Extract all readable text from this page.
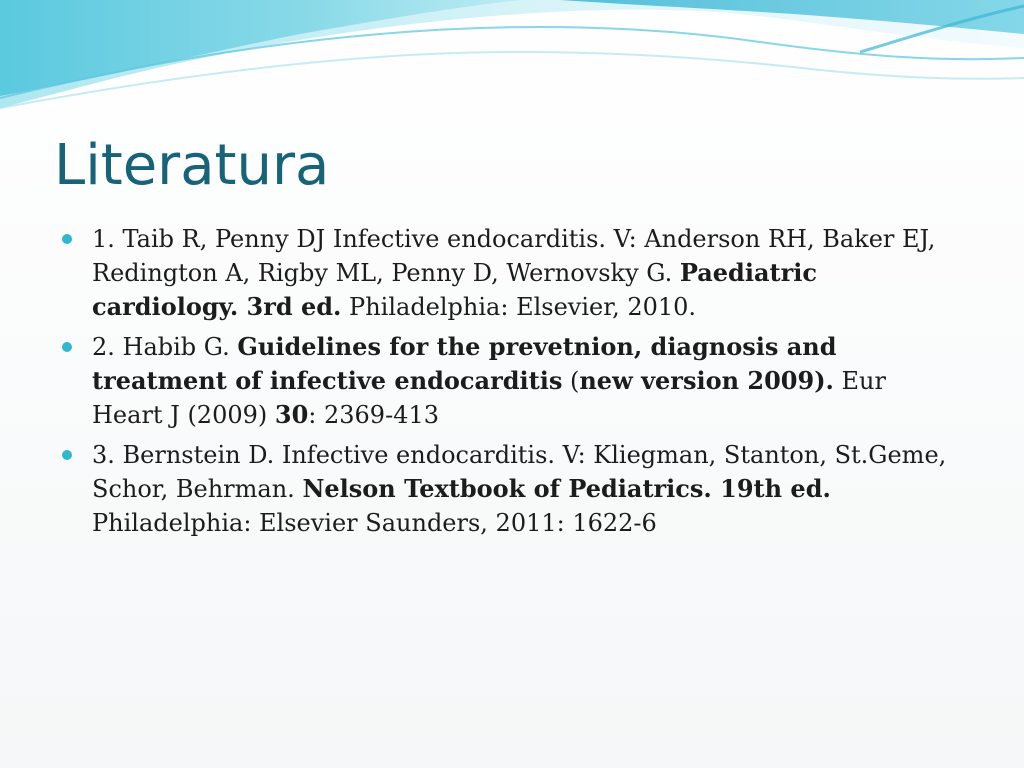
Literatura
1. Taib R, Penny DJ Infective endocarditis. V: Anderson RH, Baker EJ, Redington A, Rigby ML, Penny D, Wernovsky G. Paediatric cardiology. 3rd ed. Philadelphia: Elsevier, 2010.
2. Habib G. Guidelines for the prevetnion, diagnosis and treatment of infective endocarditis (new version 2009). Eur Heart J (2009) 30: 2369-413
3. Bernstein D. Infective endocarditis. V: Kliegman, Stanton, St.Geme, Schor, Behrman. Nelson Textbook of Pediatrics. 19th ed. Philadelphia: Elsevier Saunders, 2011: 1622-6
